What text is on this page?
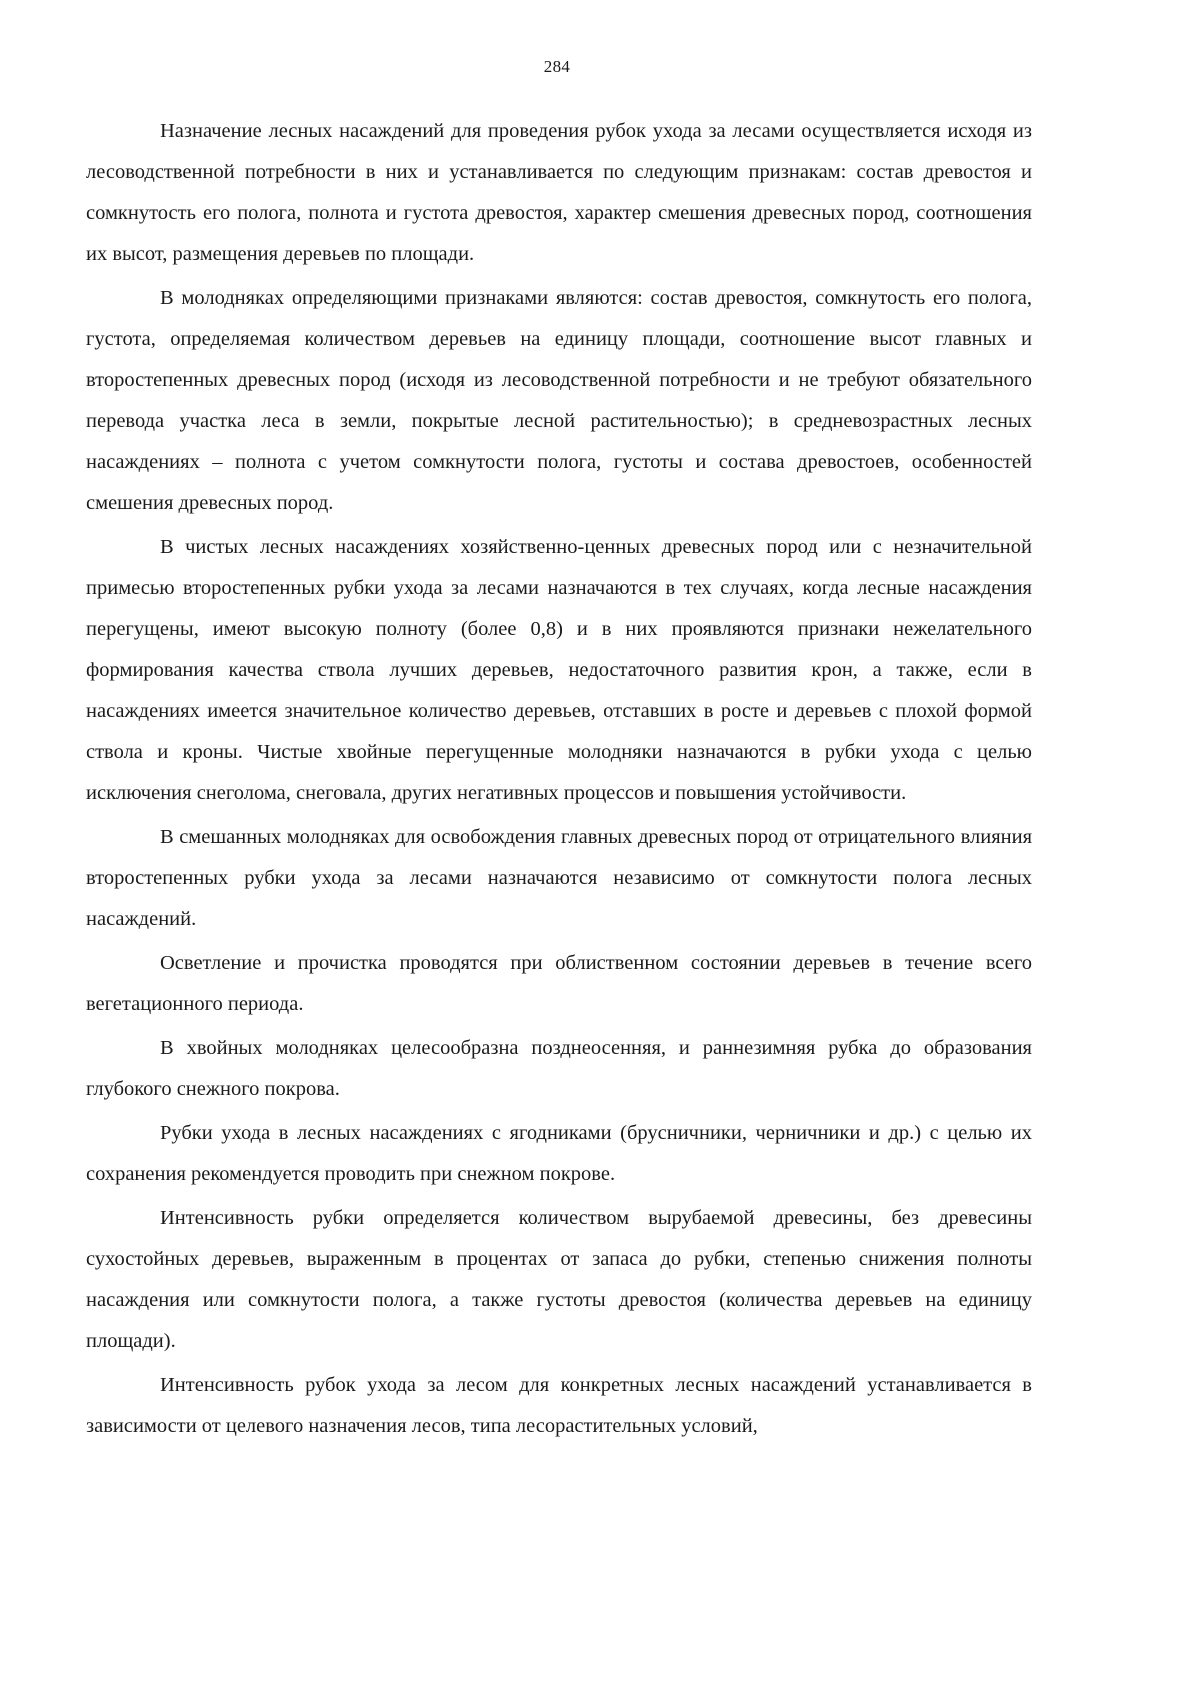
284

Назначение лесных насаждений для проведения рубок ухода за лесами осуществляется исходя из лесоводственной потребности в них и устанавливается по следующим признакам: состав древостоя и сомкнутость его полога, полнота и густота древостоя, характер смешения древесных пород, соотношения их высот, размещения деревьев по площади.

В молодняках определяющими признаками являются: состав древостоя, сомкнутость его полога, густота, определяемая количеством деревьев на единицу площади, соотношение высот главных и второстепенных древесных пород (исходя из лесоводственной потребности и не требуют обязательного перевода участка леса в земли, покрытые лесной растительностью); в средневозрастных лесных насаждениях – полнота с учетом сомкнутости полога, густоты и состава древостоев, особенностей смешения древесных пород.

В чистых лесных насаждениях хозяйственно-ценных древесных пород или с незначительной примесью второстепенных рубки ухода за лесами назначаются в тех случаях, когда лесные насаждения перегущены, имеют высокую полноту (более 0,8) и в них проявляются признаки нежелательного формирования качества ствола лучших деревьев, недостаточного развития крон, а также, если в насаждениях имеется значительное количество деревьев, отставших в росте и деревьев с плохой формой ствола и кроны. Чистые хвойные перегущенные молодняки назначаются в рубки ухода с целью исключения снеголома, снеговала, других негативных процессов и повышения устойчивости.

В смешанных молодняках для освобождения главных древесных пород от отрицательного влияния второстепенных рубки ухода за лесами назначаются независимо от сомкнутости полога лесных насаждений.

Осветление и прочистка проводятся при облиственном состоянии деревьев в течение всего вегетационного периода.

В хвойных молодняках целесообразна позднеосенняя, и раннезимняя рубка до образования глубокого снежного покрова.

Рубки ухода в лесных насаждениях с ягодниками (брусничники, черничники и др.) с целью их сохранения рекомендуется проводить при снежном покрове.

Интенсивность рубки определяется количеством вырубаемой древесины, без древесины сухостойных деревьев, выраженным в процентах от запаса до рубки, степенью снижения полноты насаждения или сомкнутости полога, а также густоты древостоя (количества деревьев на единицу площади).

Интенсивность рубок ухода за лесом для конкретных лесных насаждений устанавливается в зависимости от целевого назначения лесов, типа лесорастительных условий,
